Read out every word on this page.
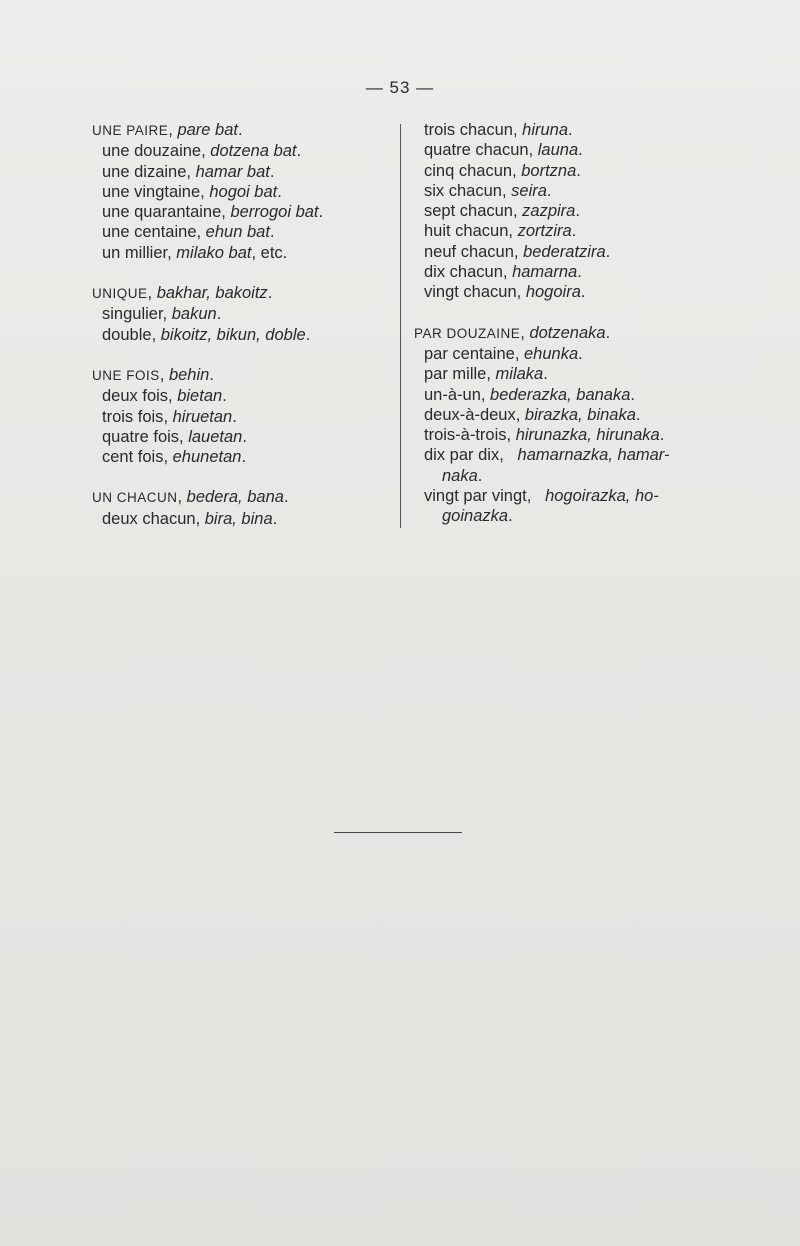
— 53 —
UNE PAIRE, pare bat.
une douzaine, dotzena bat.
une dizaine, hamar bat.
une vingtaine, hogoi bat.
une quarantaine, berrogoi bat.
une centaine, ehun bat.
un millier, milako bat, etc.
UNIQUE, bakhar, bakoitz.
singulier, bakun.
double, bikoitz, bikun, doble.
UNE FOIS, behin.
deux fois, bietan.
trois fois, hiruetan.
quatre fois, lauetan.
cent fois, ehunetan.
UN CHACUN, bedera, bana.
deux chacun, bira, bina.
trois chacun, hiruna.
quatre chacun, launa.
cinq chacun, bortzna.
six chacun, seira.
sept chacun, zazpira.
huit chacun, zortzira.
neuf chacun, bederatzira.
dix chacun, hamarna.
vingt chacun, hogoira.
PAR DOUZAINE, dotzenaka.
par centaine, ehunka.
par mille, milaka.
un-à-un, bederazka, banaka.
deux-à-deux, birazka, binaka.
trois-à-trois, hirunazka, hirunaka.
dix par dix,   hamarnazka, hamar-
naka.
vingt par vingt,   hogoirazka, ho-
goinazka.
